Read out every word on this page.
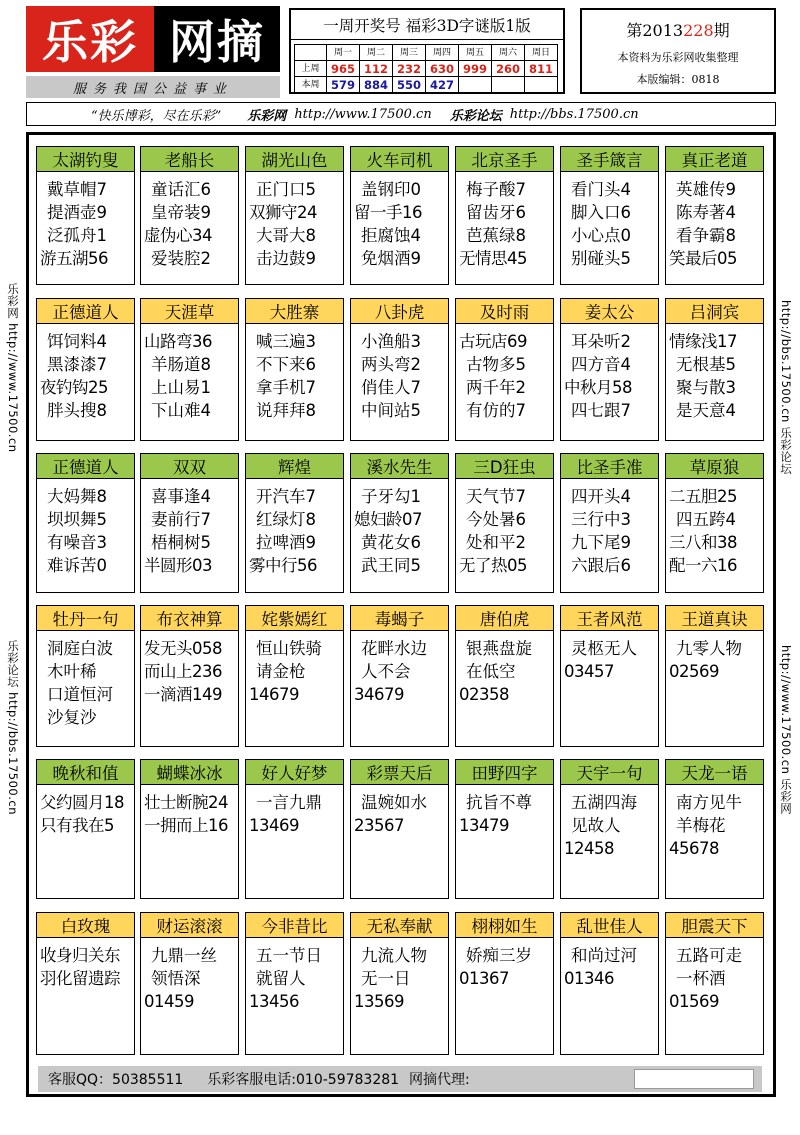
乐彩 网摘
服务我国公益事业
一周开奖号 福彩3D字谜版1版
	周一	周二	周三	周四	周五	周六	周日
上周	965	112	232	630	999	260	811
本周	579	884	550	427			
第2013228期
本资料为乐彩网收集整理
本版编辑：0818
“快乐博彩，尽在乐彩” 乐彩网 http://www.17500.cn 乐彩论坛 http://bbs.17500.cn
乐彩网 http://www.17500.cn
乐彩论坛 http://bbs.17500.cn
http://bbs.17500.cn 乐彩论坛
http://www.17500.cn 乐彩网
太湖钓叟
戴草帽7
提酒壶9
泛孤舟1
游五湖56
老船长
童话汇6
皇帝装9
虚伪心34
爱装腔2
湖光山色
正门口5
双狮守24
大哥大8
击边鼓9
火车司机
盖钢印0
留一手16
拒腐蚀4
免烟酒9
北京圣手
梅子酸7
留齿牙6
芭蕉绿8
无情思45
圣手箴言
看门头4
脚入口6
小心点0
别碰头5
真正老道
英雄传9
陈寿著4
看争霸8
笑最后05
正德道人
饵饲料4
黑漆漆7
夜钓钩25
胖头搜8
天涯草
山路弯36
羊肠道8
上山易1
下山难4
大胜寨
喊三遍3
不下来6
拿手机7
说拜拜8
八卦虎
小渔船3
两头弯2
俏佳人7
中间站5
及时雨
古玩店69
古物多5
两千年2
有仿的7
姜太公
耳朵听2
四方音4
中秋月58
四七跟7
吕洞宾
情缘浅17
无根基5
聚与散3
是天意4
正德道人
大妈舞8
坝坝舞5
有噪音3
难诉苦0
双双
喜事逢4
妻前行7
梧桐树5
半圆形03
辉煌
开汽车7
红绿灯8
拉啤酒9
雾中行56
溪水先生
子牙勾1
媳妇龄07
黄花女6
武王同5
三D狂虫
天气节7
今处暑6
处和平2
无了热05
比圣手准
四开头4
三行中3
九下尾9
六跟后6
草原狼
二五胆25
四五跨4
三八和38
配一六16
牡丹一句
洞庭白波
木叶稀
口道恒河
沙复沙
布衣神算
发无头058
而山上236
一滴酒149
姹紫嫣红
恒山铁骑
请金枪
14679
毒蝎子
花畔水边
人不会
34679
唐伯虎
银燕盘旋
在低空
02358
王者风范
灵柩无人
03457
王道真诀
九零人物
02569
晚秋和值
父约圆月18
只有我在5
蝴蝶冰冰
壮士断腕24
一拥而上16
好人好梦
一言九鼎
13469
彩票天后
温婉如水
23567
田野四字
抗旨不尊
13479
天宇一句
五湖四海
见故人
12458
天龙一语
南方见牛
羊梅花
45678
白玫瑰
收身归关东
羽化留遗踪
财运滚滚
九鼎一丝
领悟深
01459
今非昔比
五一节日
就留人
13456
无私奉献
九流人物
无一日
13569
栩栩如生
娇痴三岁
01367
乱世佳人
和尚过河
01346
胆震天下
五路可走
一杯酒
01569
客服QQ：50385511 乐彩客服电话:010-59783281 网摘代理:
